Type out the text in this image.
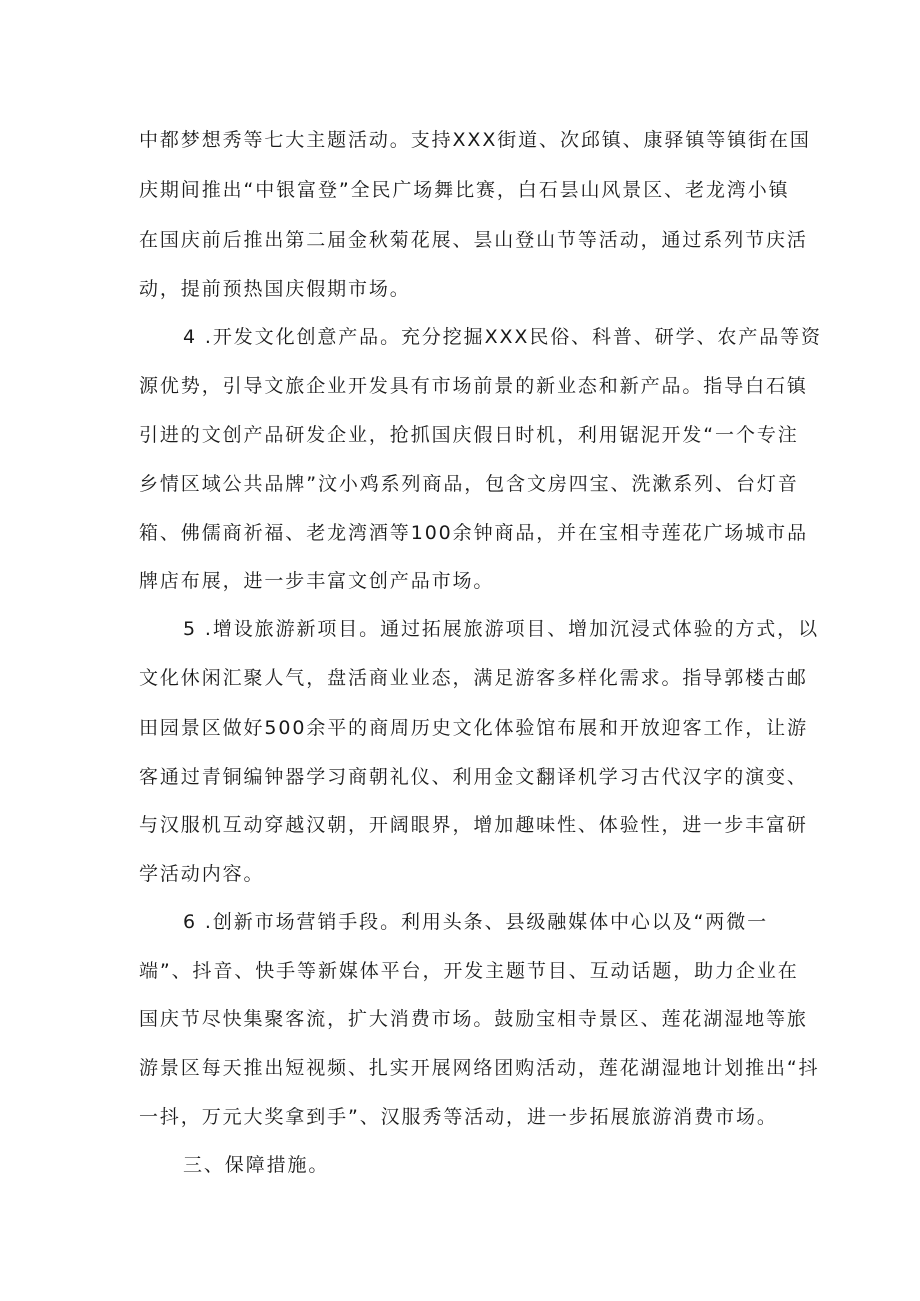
中都梦想秀等七大主题活动。支持XXX街道、次邱镇、康驿镇等镇街在国
庆期间推出“中银富登”全民广场舞比赛，白石昙山风景区、老龙湾小镇
在国庆前后推出第二届金秋菊花展、昙山登山节等活动，通过系列节庆活
动，提前预热国庆假期市场。
4 .开发文化创意产品。充分挖掘XXX民俗、科普、研学、农产品等资
源优势，引导文旅企业开发具有市场前景的新业态和新产品。指导白石镇
引进的文创产品研发企业，抢抓国庆假日时机，利用锯泥开发“一个专注
乡情区域公共品牌”汶小鸡系列商品，包含文房四宝、洗漱系列、台灯音
箱、佛儒商祈福、老龙湾酒等100余钟商品，并在宝相寺莲花广场城市品
牌店布展，进一步丰富文创产品市场。
5 .增设旅游新项目。通过拓展旅游项目、增加沉浸式体验的方式，以
文化休闲汇聚人气，盘活商业业态，满足游客多样化需求。指导郭楼古邮
田园景区做好500余平的商周历史文化体验馆布展和开放迎客工作，让游
客通过青铜编钟器学习商朝礼仪、利用金文翻译机学习古代汉字的演变、
与汉服机互动穿越汉朝，开阔眼界，增加趣味性、体验性，进一步丰富研
学活动内容。
6 .创新市场营销手段。利用头条、县级融媒体中心以及“两微一
端”、抖音、快手等新媒体平台，开发主题节目、互动话题，助力企业在
国庆节尽快集聚客流，扩大消费市场。鼓励宝相寺景区、莲花湖湿地等旅
游景区每天推出短视频、扎实开展网络团购活动，莲花湖湿地计划推出“抖
一抖，万元大奖拿到手”、汉服秀等活动，进一步拓展旅游消费市场。
三、保障措施。
